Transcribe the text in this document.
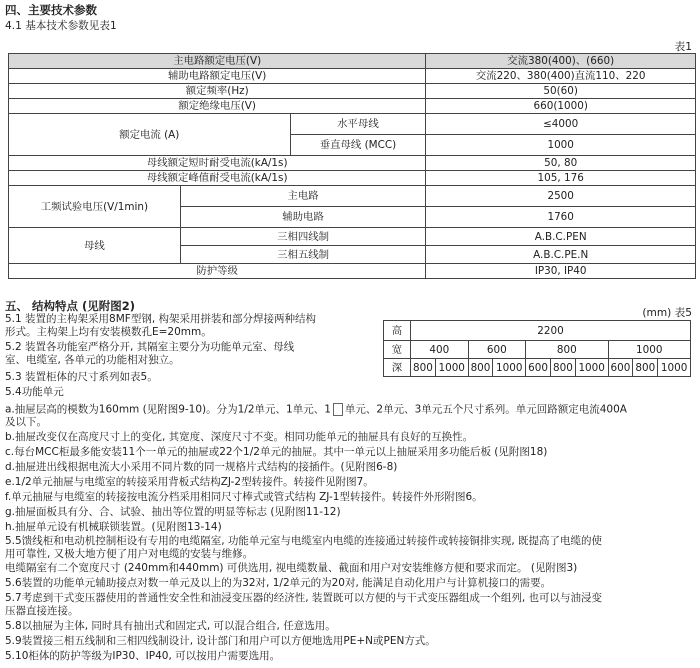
四、主要技术参数
4.1 基本技术参数见表1
表1
主电路额定电压(V)			交流380(400)、(660)
辅助电路额定电压(V)			交流220、380(400)直流110、220
额定频率(Hz)			50(60)
额定绝缘电压(V)			660(1000)
额定电流 (A)		水平母线	≤4000
		垂直母线 (MCC)	1000
母线额定短时耐受电流(kA/1s)			50, 80
母线额定峰值耐受电流(kA/1s)			105, 176
工频试验电压(V/1min)	主电路		2500
	辅助电路		1760
母线	三相四线制		A.B.C.PEN
	三相五线制		A.B.C.PE.N
防护等级			IP30, IP40
五、 结构特点 (见附图2)
5.1 装置的主构架采用8MF型钢, 构架采用拼装和部分焊接两种结构
形式。主构架上均有安装模数孔E=20mm。
5.2 装置各功能室严格分开, 其隔室主要分为功能单元室、母线
室、电缆室, 各单元的功能相对独立。
5.3 装置柜体的尺寸系列如表5。
5.4功能单元
(mm) 表5
高	2200									
宽	400		600		800			1000		
深	800	1000	800	1000	600	800	1000	600	800	1000
a.抽屉层高的模数为160mm (见附图9-10)。分为1/2单元、1单元、1 单元、2单元、3单元五个尺寸系列。单元回路额定电流400A
及以下。
b.抽屉改变仅在高度尺寸上的变化, 其宽度、深度尺寸不变。相同功能单元的抽屉具有良好的互换性。
c.每台MCC柜最多能安装11个一单元的抽屉或22个1/2单元的抽屉。其中一单元以上抽屉采用多功能后板 (见附图18)
d.抽屉进出线根据电流大小采用不同片数的同一规格片式结构的接插件。(见附图6-8)
e.1/2单元抽屉与电缆室的转接采用背板式结构ZJ-2型转接件。转接件见附图7。
f.单元抽屉与电缆室的转接按电流分档采用相同尺寸棒式或管式结构 ZJ-1型转接件。转接件外形附图6。
g.抽屉面板具有分、合、试验、抽出等位置的明显等标志 (见附图11-12)
h.抽屉单元设有机械联锁装置。(见附图13-14)
5.5馈线柜和电动机控制柜设有专用的电缆隔室, 功能单元室与电缆室内电缆的连接通过转接件或转接铜排实现, 既提高了电缆的使
用可靠性, 又极大地方便了用户对电缆的安装与维修。
电缆隔室有二个宽度尺寸 (240mm和440mm) 可供选用, 视电缆数量、截面和用户对安装维修方便和要求而定。 (见附图3)
5.6装置的功能单元辅助接点对数一单元及以上的为32对, 1/2单元的为20对, 能满足自动化用户与计算机接口的需要。
5.7考虑到干式变压器使用的普通性安全性和油浸变压器的经济性, 装置既可以方便的与干式变压器组成一个组列, 也可以与油浸变
压器直接连接。
5.8以抽屉为主体, 同时具有抽出式和固定式, 可以混合组合, 任意选用。
5.9装置接三相五线制和三相四线制设计, 设计部门和用户可以方便地选用PE+N或PEN方式。
5.10柜体的防护等级为IP30、IP40, 可以按用户需要选用。
